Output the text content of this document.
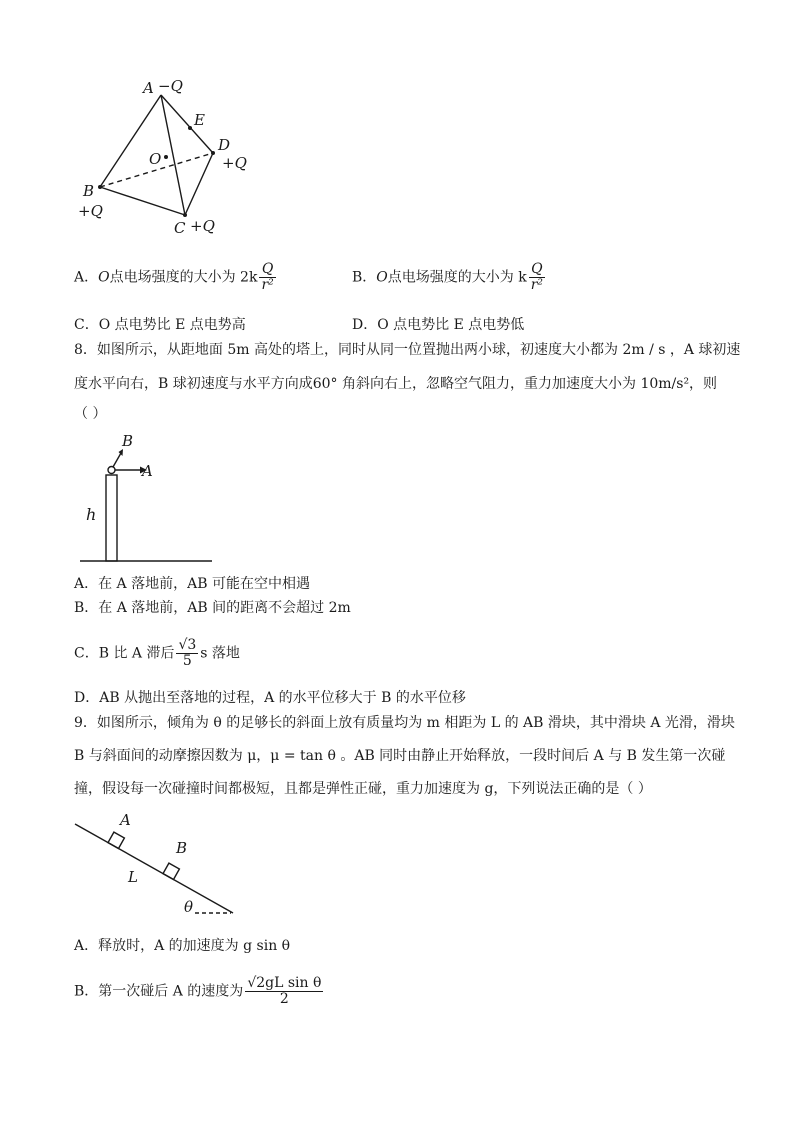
A −Q
E
D
+Q
O
B
+Q
C +Q
A．O点电场强度的大小为 $2k \frac{Q}{\text{r²}}$	B．O点电场强度的大小为 k $\frac{Q}{\text{r²}}$
C．O 点电势比 E 点电势高	D．O 点电势比 E 点电势低
8．如图所示，从距地面 5m 高处的塔上，同时从同一位置抛出两小球，初速度大小都为 2m / s ，A 球初速
度水平向右，B 球初速度与水平方向成60° 角斜向右上，忽略空气阻力，重力加速度大小为 10m/s²，则
（ ）
B
A
h
A．在 A 落地前，AB 可能在空中相遇
B．在 A 落地前，AB 间的距离不会超过 2m
C．B 比 A 滞后 $\frac{√3}{5}$ s 落地
D．AB 从抛出至落地的过程，A 的水平位移大于 B 的水平位移
9．如图所示，倾角为 θ 的足够长的斜面上放有质量均为 m 相距为 L 的 AB 滑块，其中滑块 A 光滑，滑块
B 与斜面间的动摩擦因数为 μ，μ = tan θ 。AB 同时由静止开始释放，一段时间后 A 与 B 发生第一次碰
撞，假设每一次碰撞时间都极短，且都是弹性正碰，重力加速度为 g，下列说法正确的是（ ）
A
B
L
θ
A．释放时，A 的加速度为 g sin θ
B．第一次碰后 A 的速度为 $\frac{\text{√2gL sin θ}}{2}$
